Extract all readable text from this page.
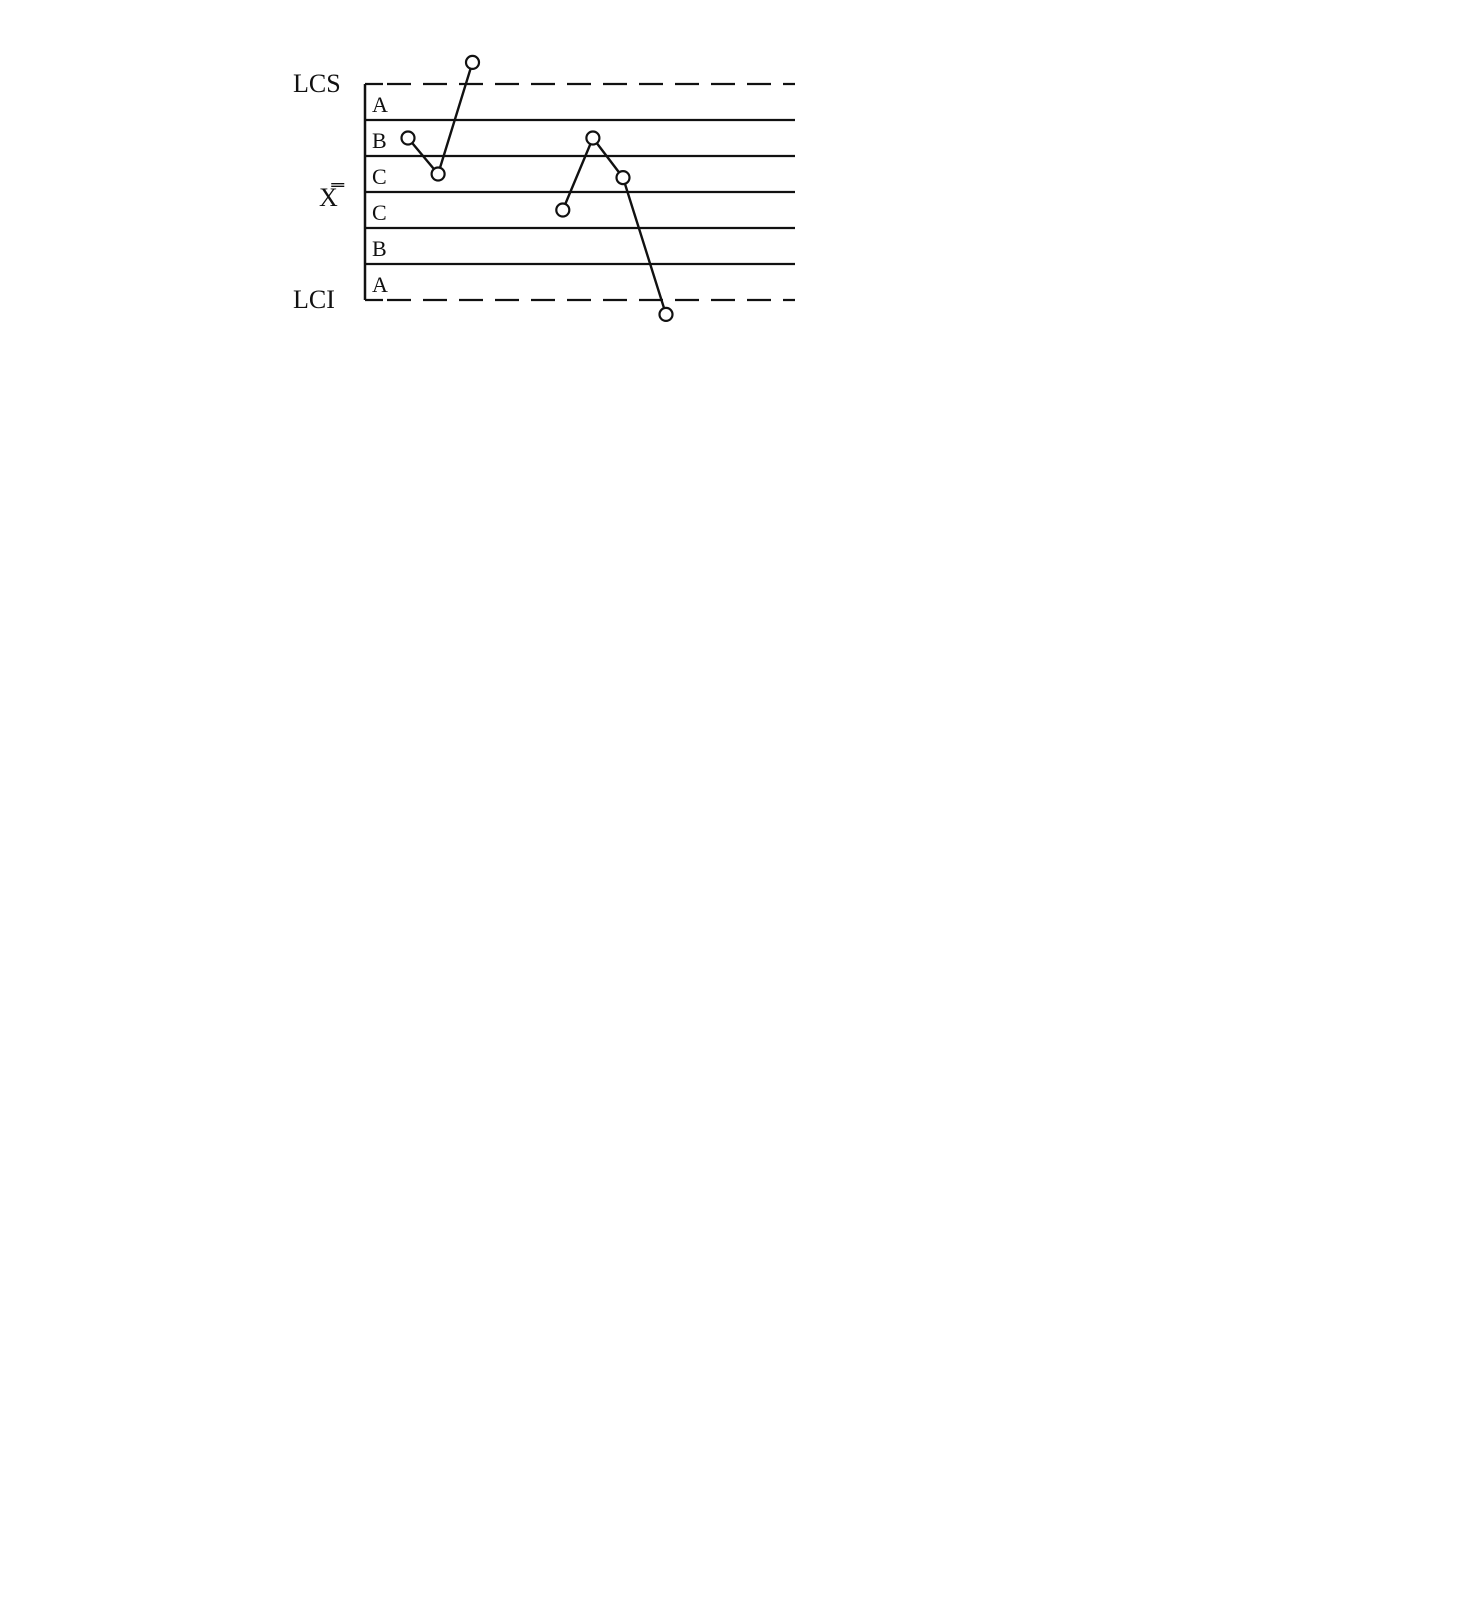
A
B
C
C
B
A
LCS
LCI
X̿
